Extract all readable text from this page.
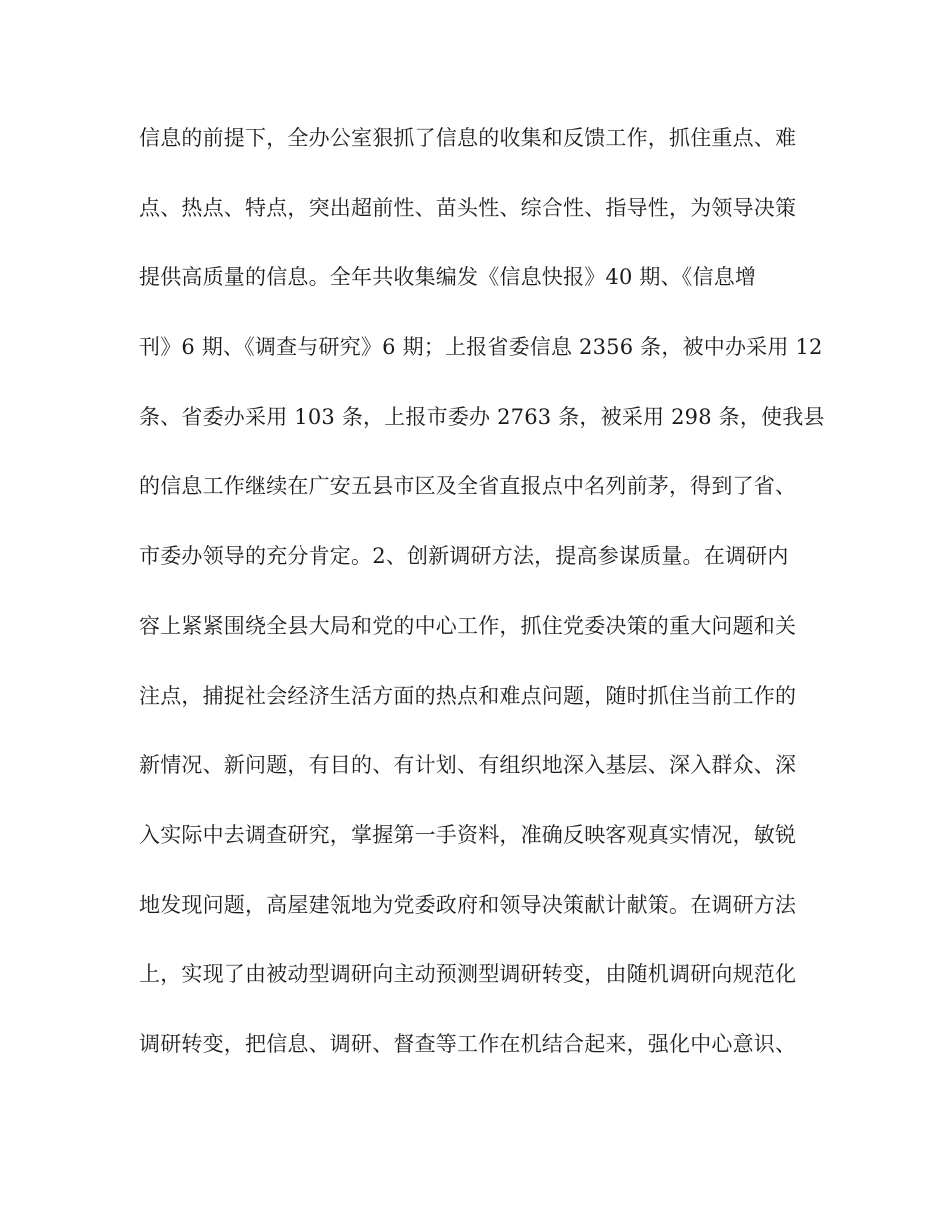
信息的前提下，全办公室狠抓了信息的收集和反馈工作，抓住重点、难
点、热点、特点，突出超前性、苗头性、综合性、指导性，为领导决策
提供高质量的信息。全年共收集编发《信息快报》40 期、《信息增
刊》6 期、《调查与研究》6 期；上报省委信息 2356 条，被中办采用 12
条、省委办采用 103 条，上报市委办 2763 条，被采用 298 条，使我县
的信息工作继续在广安五县市区及全省直报点中名列前茅，得到了省、
市委办领导的充分肯定。2、创新调研方法，提高参谋质量。在调研内
容上紧紧围绕全县大局和党的中心工作，抓住党委决策的重大问题和关
注点，捕捉社会经济生活方面的热点和难点问题，随时抓住当前工作的
新情况、新问题，有目的、有计划、有组织地深入基层、深入群众、深
入实际中去调查研究，掌握第一手资料，准确反映客观真实情况，敏锐
地发现问题，高屋建瓴地为党委政府和领导决策献计献策。在调研方法
上，实现了由被动型调研向主动预测型调研转变，由随机调研向规范化
调研转变，把信息、调研、督查等工作在机结合起来，强化中心意识、
